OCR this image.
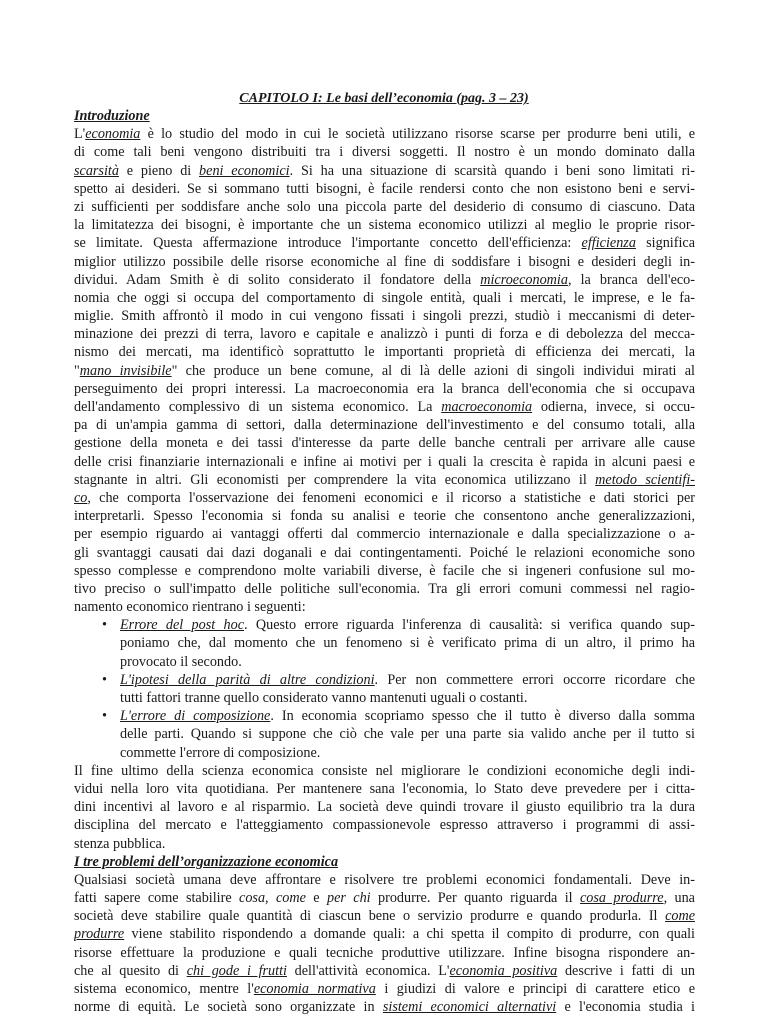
CAPITOLO I: Le basi dell’economia (pag. 3 – 23)
Introduzione
L'economia è lo studio del modo in cui le società utilizzano risorse scarse per produrre beni utili, e
di come tali beni vengono distribuiti tra i diversi soggetti. Il nostro è un mondo dominato dalla
scarsità e pieno di beni economici. Si ha una situazione di scarsità quando i beni sono limitati ri-
spetto ai desideri. Se si sommano tutti bisogni, è facile rendersi conto che non esistono beni e servi-
zi sufficienti per soddisfare anche solo una piccola parte del desiderio di consumo di ciascuno. Data
la limitatezza dei bisogni, è importante che un sistema economico utilizzi al meglio le proprie risor-
se limitate. Questa affermazione introduce l'importante concetto dell'efficienza: efficienza significa
miglior utilizzo possibile delle risorse economiche al fine di soddisfare i bisogni e desideri degli in-
dividui. Adam Smith è di solito considerato il fondatore della microeconomia, la branca dell'eco-
nomia che oggi si occupa del comportamento di singole entità, quali i mercati, le imprese, e le fa-
miglie. Smith affrontò il modo in cui vengono fissati i singoli prezzi, studiò i meccanismi di deter-
minazione dei prezzi di terra, lavoro e capitale e analizzò i punti di forza e di debolezza del mecca-
nismo dei mercati, ma identificò soprattutto le importanti proprietà di efficienza dei mercati, la
"mano invisibile" che produce un bene comune, al di là delle azioni di singoli individui mirati al
perseguimento dei propri interessi. La macroeconomia era la branca dell'economia che si occupava
dell'andamento complessivo di un sistema economico. La macroeconomia odierna, invece, si occu-
pa di un'ampia gamma di settori, dalla determinazione dell'investimento e del consumo totali, alla
gestione della moneta e dei tassi d'interesse da parte delle banche centrali per arrivare alle cause
delle crisi finanziarie internazionali e infine ai motivi per i quali la crescita è rapida in alcuni paesi e
stagnante in altri. Gli economisti per comprendere la vita economica utilizzano il metodo scientifi-
co, che comporta l'osservazione dei fenomeni economici e il ricorso a statistiche e dati storici per
interpretarli. Spesso l'economia si fonda su analisi e teorie che consentono anche generalizzazioni,
per esempio riguardo ai vantaggi offerti dal commercio internazionale e dalla specializzazione o a-
gli svantaggi causati dai dazi doganali e dai contingentamenti. Poiché le relazioni economiche sono
spesso complesse e comprendono molte variabili diverse, è facile che si ingeneri confusione sul mo-
tivo preciso o sull'impatto delle politiche sull'economia. Tra gli errori comuni commessi nel ragio-
namento economico rientrano i seguenti:
• Errore del post hoc. Questo errore riguarda l'inferenza di causalità: si verifica quando sup-
poniamo che, dal momento che un fenomeno si è verificato prima di un altro, il primo ha
provocato il secondo.
• L'ipotesi della parità di altre condizioni. Per non commettere errori occorre ricordare che
tutti fattori tranne quello considerato vanno mantenuti uguali o costanti.
• L'errore di composizione. In economia scopriamo spesso che il tutto è diverso dalla somma
delle parti. Quando si suppone che ciò che vale per una parte sia valido anche per il tutto si
commette l'errore di composizione.
Il fine ultimo della scienza economica consiste nel migliorare le condizioni economiche degli indi-
vidui nella loro vita quotidiana. Per mantenere sana l'economia, lo Stato deve prevedere per i citta-
dini incentivi al lavoro e al risparmio. La società deve quindi trovare il giusto equilibrio tra la dura
disciplina del mercato e l'atteggiamento compassionevole espresso attraverso i programmi di assi-
stenza pubblica.
I tre problemi dell’organizzazione economica
Qualsiasi società umana deve affrontare e risolvere tre problemi economici fondamentali. Deve in-
fatti sapere come stabilire cosa, come e per chi produrre. Per quanto riguarda il cosa produrre, una
società deve stabilire quale quantità di ciascun bene o servizio produrre e quando produrla. Il come
produrre viene stabilito rispondendo a domande quali: a chi spetta il compito di produrre, con quali
risorse effettuare la produzione e quali tecniche produttive utilizzare. Infine bisogna rispondere an-
che al quesito di chi gode i frutti dell'attività economica. L'economia positiva descrive i fatti di un
sistema economico, mentre l'economia normativa i giudizi di valore e principi di carattere etico e
norme di equità. Le società sono organizzate in sistemi economici alternativi e l'economia studia i
